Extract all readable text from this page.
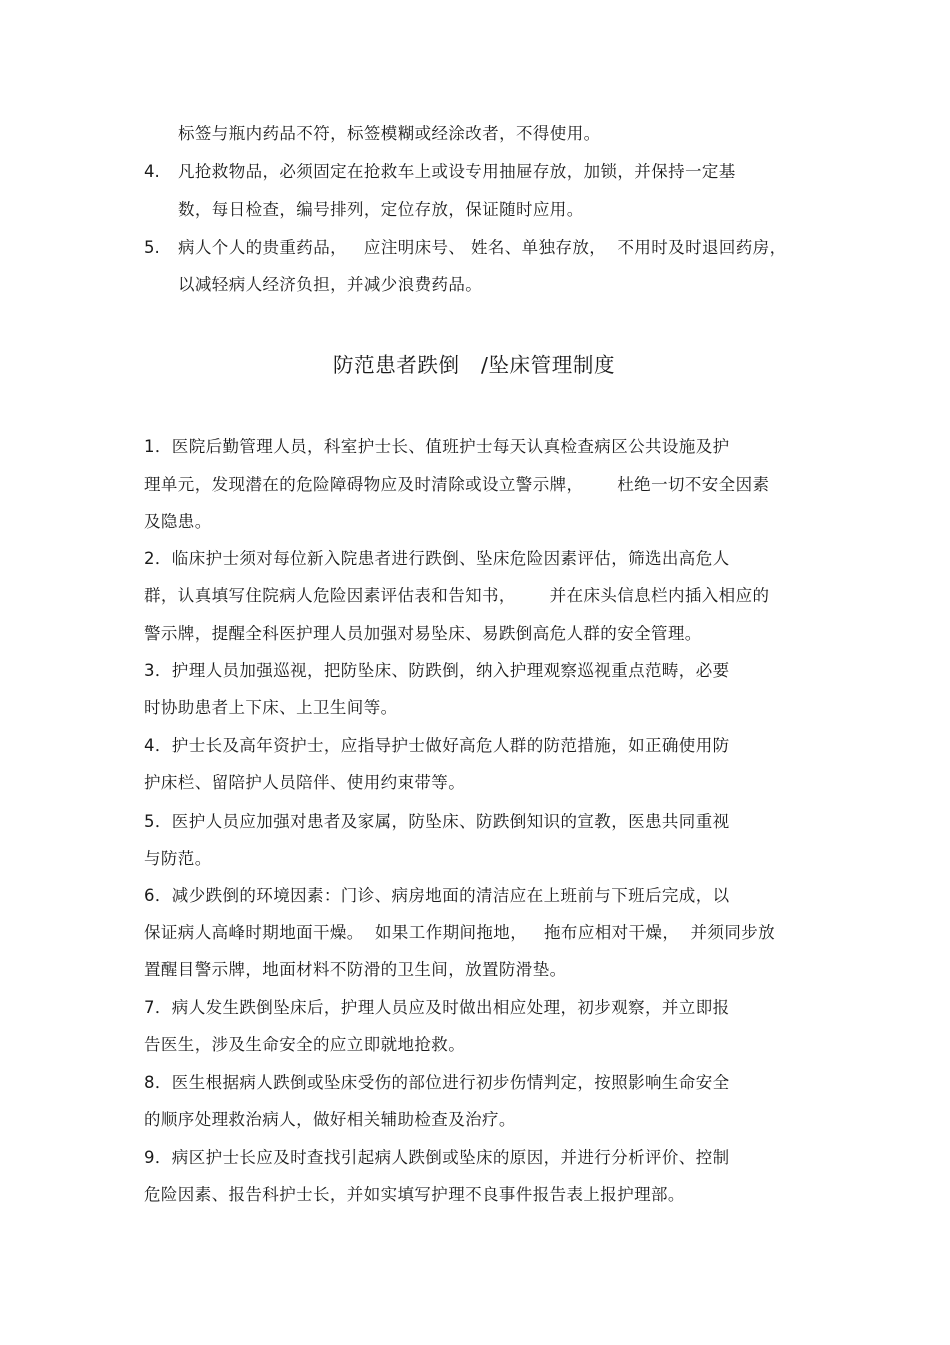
标签与瓶内药品不符，标签模糊或经涂改者，不得使用。
4. 凡抢救物品，必须固定在抢救车上或设专用抽屉存放，加锁，并保持一定基
数，每日检查，编号排列，定位存放，保证随时应用。
5. 病人个人的贵重药品，   应注明床号、 姓名、单独存放，  不用时及时退回药房，
以减轻病人经济负担，并减少浪费药品。
防范患者跌倒   /坠床管理制度
1．医院后勤管理人员，科室护士长、值班护士每天认真检查病区公共设施及护
理单元，发现潜在的危险障碍物应及时清除或设立警示牌，      杜绝一切不安全因素
及隐患。
2．临床护士须对每位新入院患者进行跌倒、坠床危险因素评估，筛选出高危人
群，认真填写住院病人危险因素评估表和告知书，      并在床头信息栏内插入相应的
警示牌，提醒全科医护理人员加强对易坠床、易跌倒高危人群的安全管理。
3．护理人员加强巡视，把防坠床、防跌倒，纳入护理观察巡视重点范畴，必要
时协助患者上下床、上卫生间等。
4．护士长及高年资护士，应指导护士做好高危人群的防范措施，如正确使用防
护床栏、留陪护人员陪伴、使用约束带等。
5．医护人员应加强对患者及家属，防坠床、防跌倒知识的宣教，医患共同重视
与防范。
6．减少跌倒的环境因素：门诊、病房地面的清洁应在上班前与下班后完成，以
保证病人高峰时期地面干燥。  如果工作期间拖地，   拖布应相对干燥，  并须同步放
置醒目警示牌，地面材料不防滑的卫生间，放置防滑垫。
7．病人发生跌倒坠床后，护理人员应及时做出相应处理，初步观察，并立即报
告医生，涉及生命安全的应立即就地抢救。
8．医生根据病人跌倒或坠床受伤的部位进行初步伤情判定，按照影响生命安全
的顺序处理救治病人，做好相关辅助检查及治疗。
9．病区护士长应及时查找引起病人跌倒或坠床的原因，并进行分析评价、控制
危险因素、报告科护士长，并如实填写护理不良事件报告表上报护理部。
